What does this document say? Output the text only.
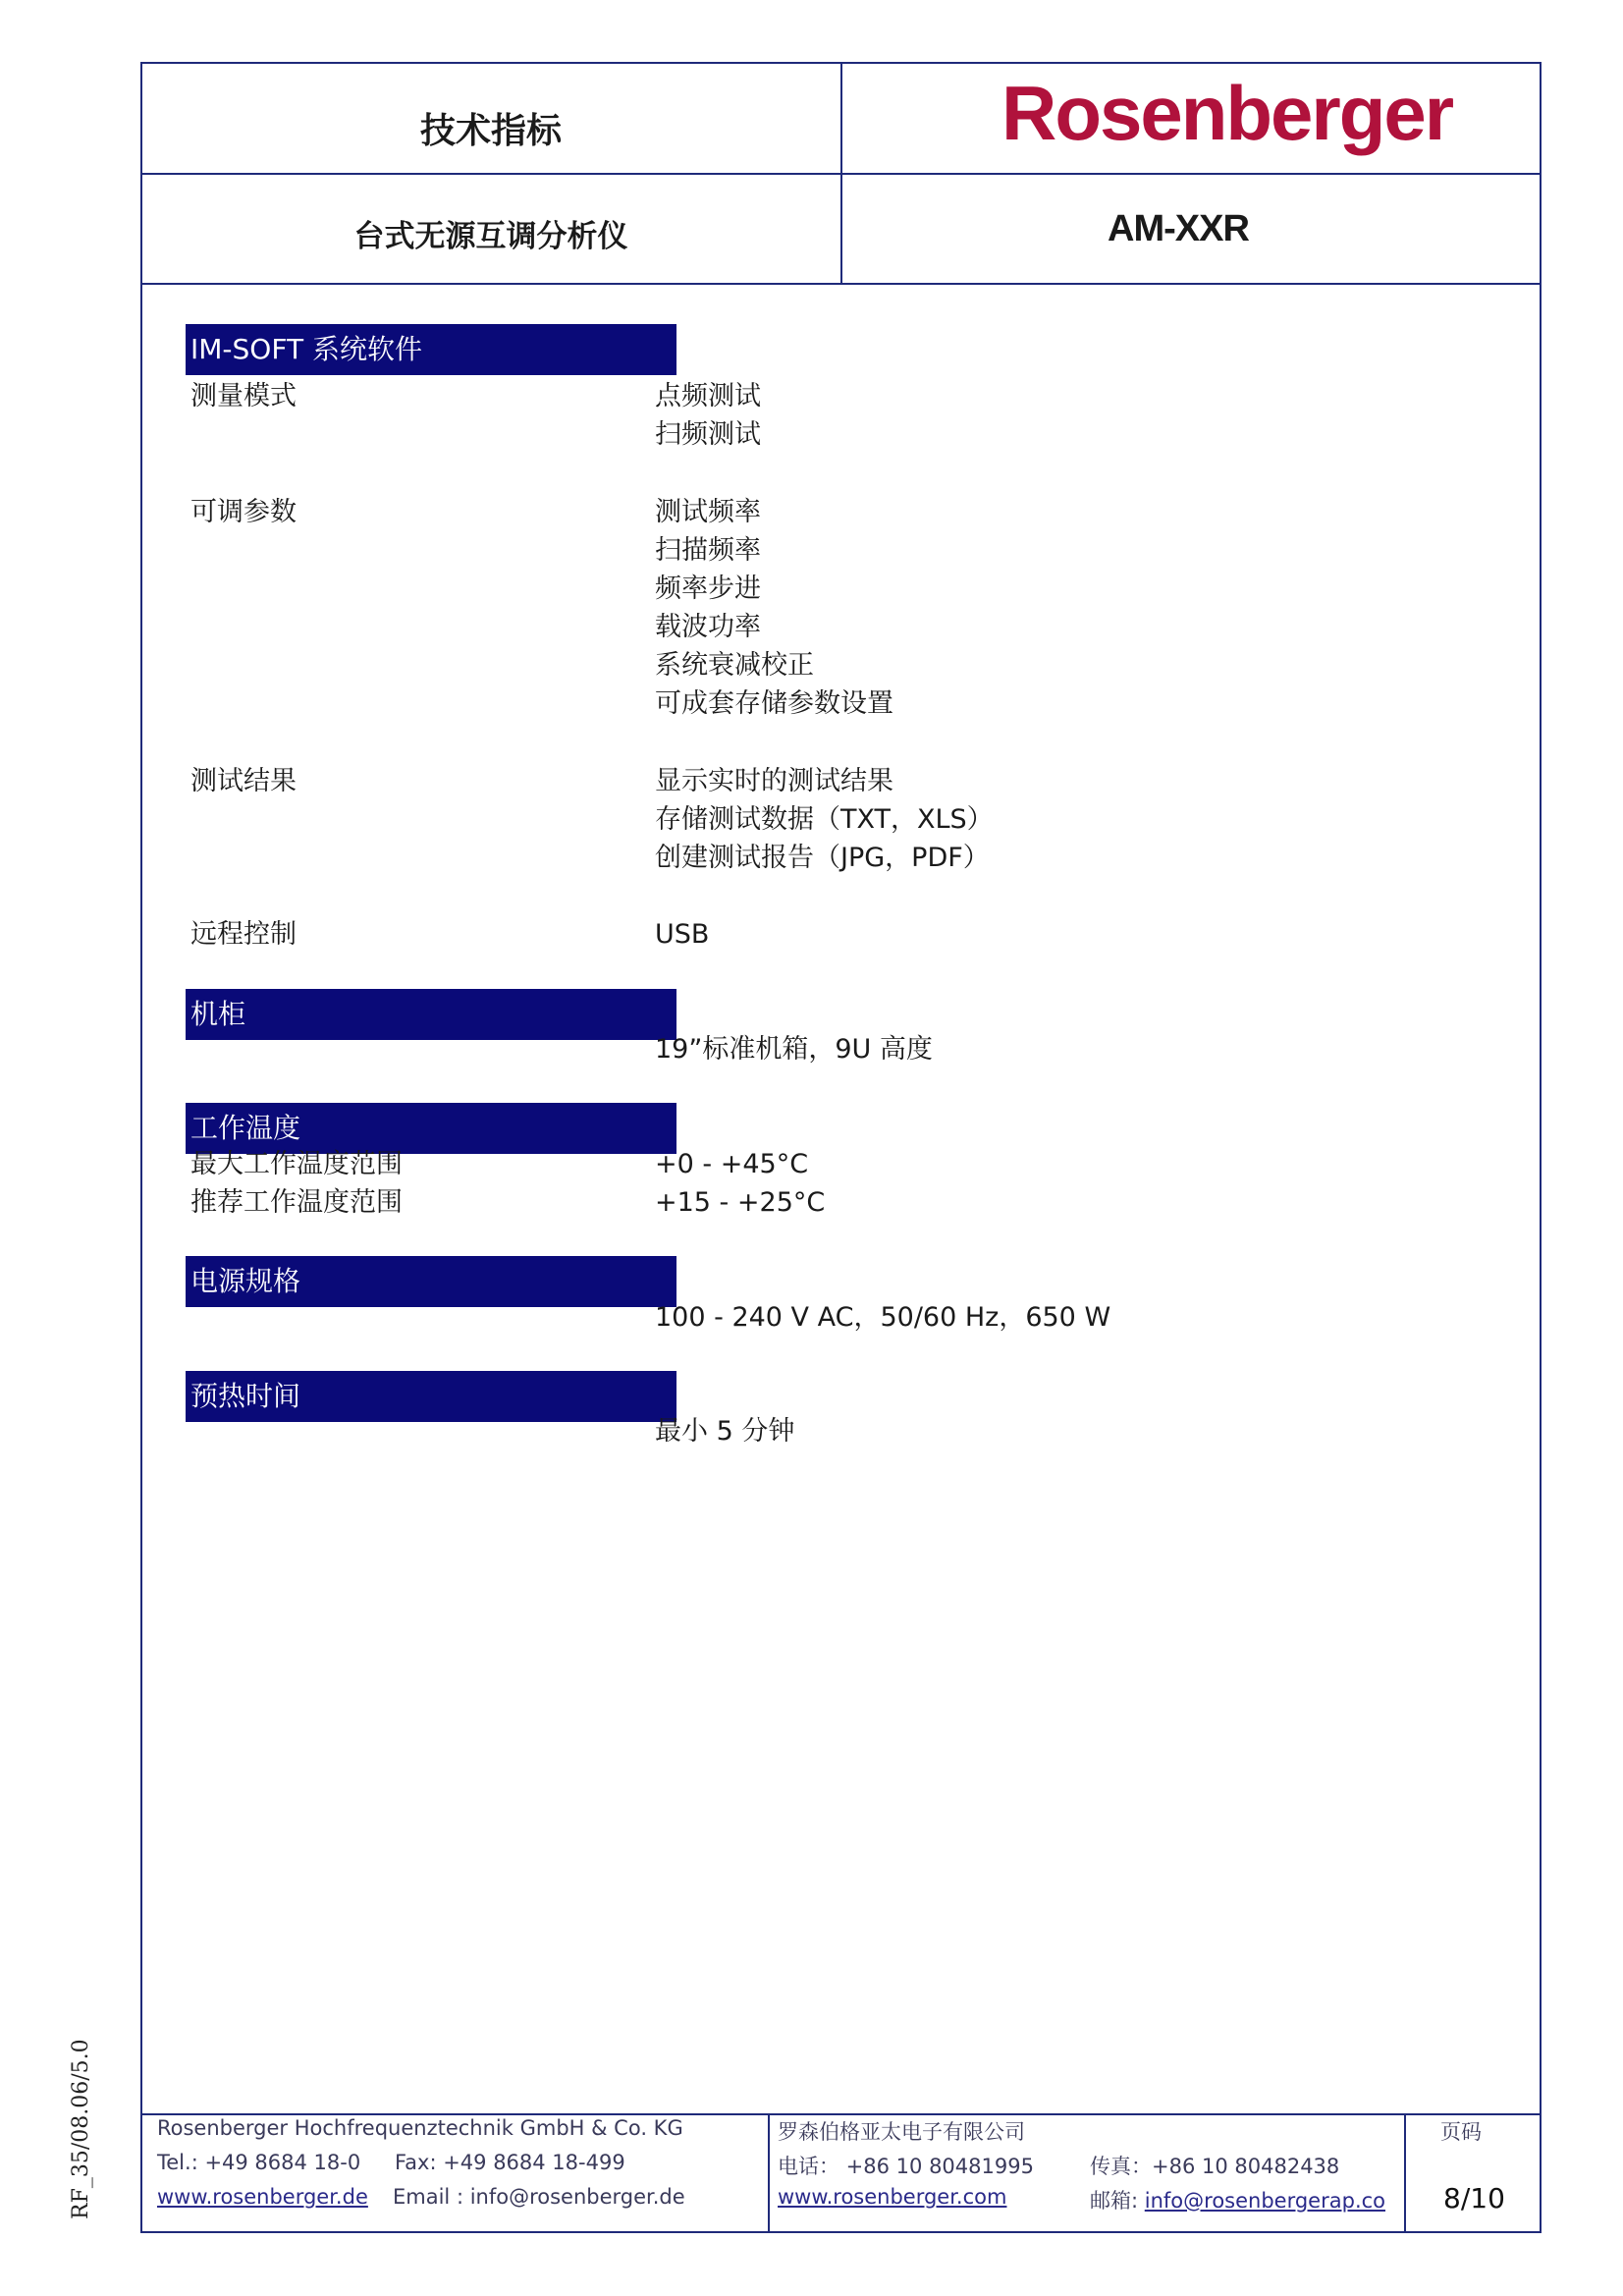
技术指标
台式无源互调分析仪
Rosenberger
AM-XXR
IM-SOFT 系统软件
测量模式	点频测试
扫频测试
可调参数	测试频率
扫描频率
频率步进
载波功率
系统衰减校正
可成套存储参数设置
测试结果	显示实时的测试结果
存储测试数据（TXT，XLS）
创建测试报告（JPG，PDF）
远程控制	USB
机柜
19”标准机箱，9U 高度
工作温度
最大工作温度范围	+0 - +45°C
推荐工作温度范围	+15 - +25°C
电源规格
100 - 240 V AC，50/60 Hz，650 W
预热时间
最小 5 分钟
Rosenberger Hochfrequenztechnik GmbH & Co. KG
Tel.: +49 8684 18-0 Fax: +49 8684 18-499
www.rosenberger.de Email : info@rosenberger.de
罗森伯格亚太电子有限公司
电话： +86 10 80481995	传真：+86 10 80482438
www.rosenberger.com	邮箱: info@rosenbergerap.co
页码
8/10
RF_35/08.06/5.0
